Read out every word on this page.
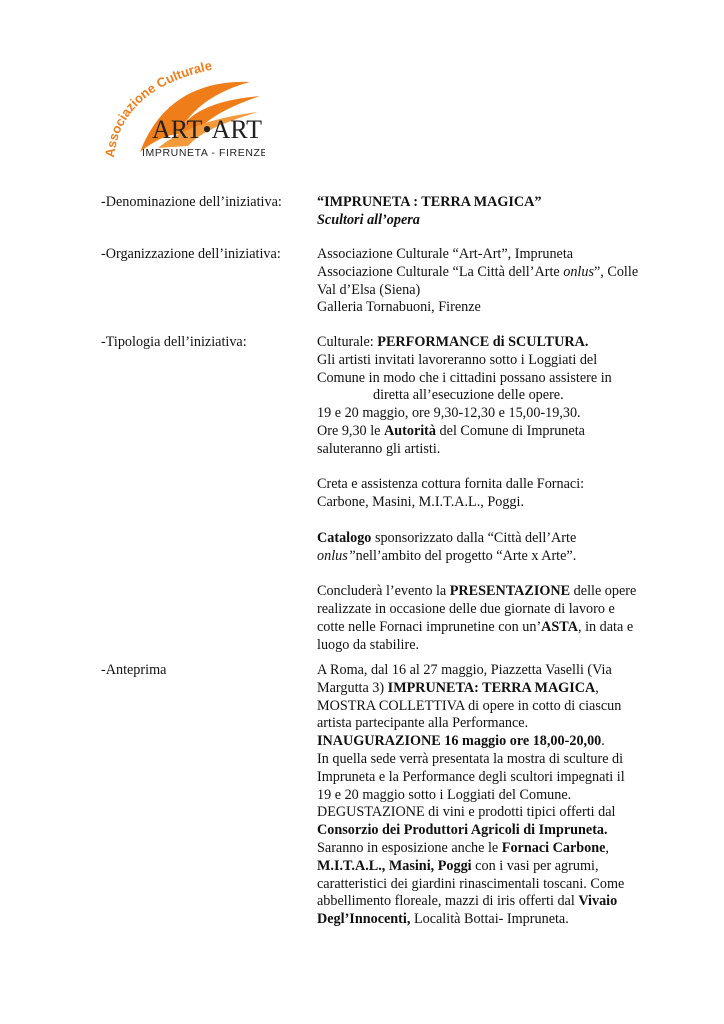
Associazione Culturale
ART•ART
IMPRUNETA - FIRENZE
-Denominazione dell’iniziativa: “IMPRUNETA : TERRA MAGICA”
Scultori all’opera
-Organizzazione dell’iniziativa:	Associazione Culturale “Art-Art”, Impruneta
Associazione Culturale “La Città dell’Arte onlus”, Colle
Val d’Elsa (Siena)
Galleria Tornabuoni, Firenze
-Tipologia dell’iniziativa:	Culturale: PERFORMANCE di SCULTURA.
Gli artisti invitati lavoreranno sotto i Loggiati del
Comune in modo che i cittadini possano assistere in
diretta all’esecuzione delle opere.
19 e 20 maggio, ore 9,30-12,30 e 15,00-19,30.
Ore 9,30 le Autorità del Comune di Impruneta
saluteranno gli artisti.
Creta e assistenza cottura fornita dalle Fornaci:
Carbone, Masini, M.I.T.A.L., Poggi.
Catalogo sponsorizzato dalla “Città dell’Arte
onlus”nell’ambito del progetto “Arte x Arte”.
Concluderà l’evento la PRESENTAZIONE delle opere
realizzate in occasione delle due giornate di lavoro e
cotte nelle Fornaci imprunetine con un’ASTA, in data e
luogo da stabilire.
-Anteprima	A Roma, dal 16 al 27 maggio, Piazzetta Vaselli (Via
Margutta 3) IMPRUNETA: TERRA MAGICA,
MOSTRA COLLETTIVA di opere in cotto di ciascun
artista partecipante alla Performance.
INAUGURAZIONE 16 maggio ore 18,00-20,00.
In quella sede verrà presentata la mostra di sculture di
Impruneta e la Performance degli scultori impegnati il
19 e 20 maggio sotto i Loggiati del Comune.
DEGUSTAZIONE di vini e prodotti tipici offerti dal
Consorzio dei Produttori Agricoli di Impruneta.
Saranno in esposizione anche le Fornaci Carbone,
M.I.T.A.L., Masini, Poggi con i vasi per agrumi,
caratteristici dei giardini rinascimentali toscani. Come
abbellimento floreale, mazzi di iris offerti dal Vivaio
Degl’Innocenti, Località Bottai- Impruneta.
